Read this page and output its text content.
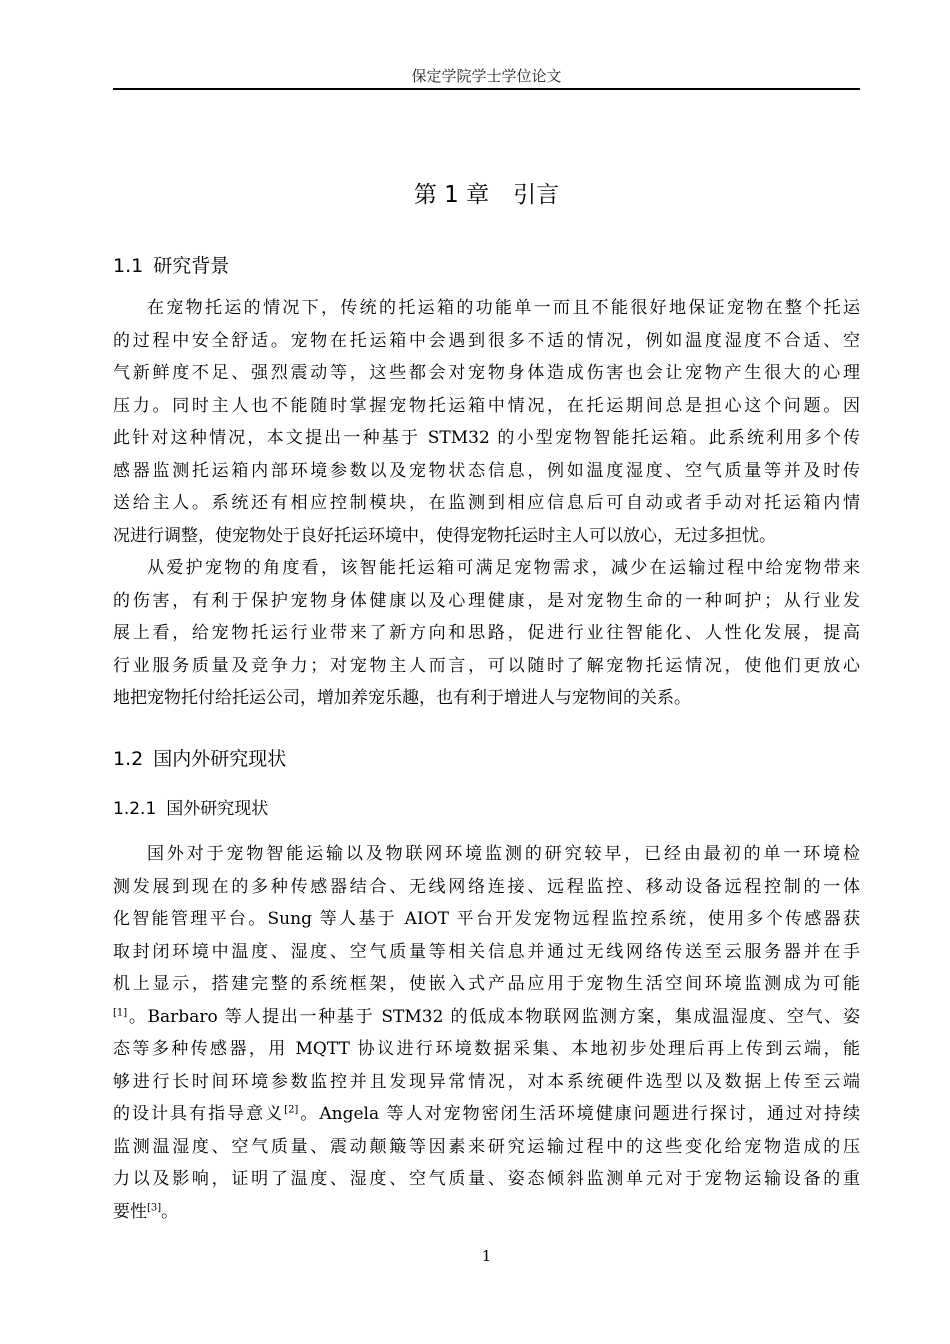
保定学院学士学位论文
第 1 章 引言
1.1 研究背景
在宠物托运的情况下，传统的托运箱的功能单一而且不能很好地保证宠物在整个托运
的过程中安全舒适。宠物在托运箱中会遇到很多不适的情况，例如温度湿度不合适、空
气新鲜度不足、强烈震动等，这些都会对宠物身体造成伤害也会让宠物产生很大的心理
压力。同时主人也不能随时掌握宠物托运箱中情况，在托运期间总是担心这个问题。因
此针对这种情况，本文提出一种基于 STM32 的小型宠物智能托运箱。此系统利用多个传
感器监测托运箱内部环境参数以及宠物状态信息，例如温度湿度、空气质量等并及时传
送给主人。系统还有相应控制模块，在监测到相应信息后可自动或者手动对托运箱内情
况进行调整，使宠物处于良好托运环境中，使得宠物托运时主人可以放心，无过多担忧。
从爱护宠物的角度看，该智能托运箱可满足宠物需求，减少在运输过程中给宠物带来
的伤害，有利于保护宠物身体健康以及心理健康，是对宠物生命的一种呵护；从行业发
展上看，给宠物托运行业带来了新方向和思路，促进行业往智能化、人性化发展，提高
行业服务质量及竞争力；对宠物主人而言，可以随时了解宠物托运情况，使他们更放心
地把宠物托付给托运公司，增加养宠乐趣，也有利于增进人与宠物间的关系。
1.2 国内外研究现状
1.2.1 国外研究现状
国外对于宠物智能运输以及物联网环境监测的研究较早，已经由最初的单一环境检
测发展到现在的多种传感器结合、无线网络连接、远程监控、移动设备远程控制的一体
化智能管理平台。Sung 等人基于 AIOT 平台开发宠物远程监控系统，使用多个传感器获
取封闭环境中温度、湿度、空气质量等相关信息并通过无线网络传送至云服务器并在手
机上显示，搭建完整的系统框架，使嵌入式产品应用于宠物生活空间环境监测成为可能
[1]。Barbaro 等人提出一种基于 STM32 的低成本物联网监测方案，集成温湿度、空气、姿
态等多种传感器，用 MQTT 协议进行环境数据采集、本地初步处理后再上传到云端，能
够进行长时间环境参数监控并且发现异常情况，对本系统硬件选型以及数据上传至云端
的设计具有指导意义[2]。Angela 等人对宠物密闭生活环境健康问题进行探讨，通过对持续
监测温湿度、空气质量、震动颠簸等因素来研究运输过程中的这些变化给宠物造成的压
力以及影响，证明了温度、湿度、空气质量、姿态倾斜监测单元对于宠物运输设备的重
要性[3]。
1
